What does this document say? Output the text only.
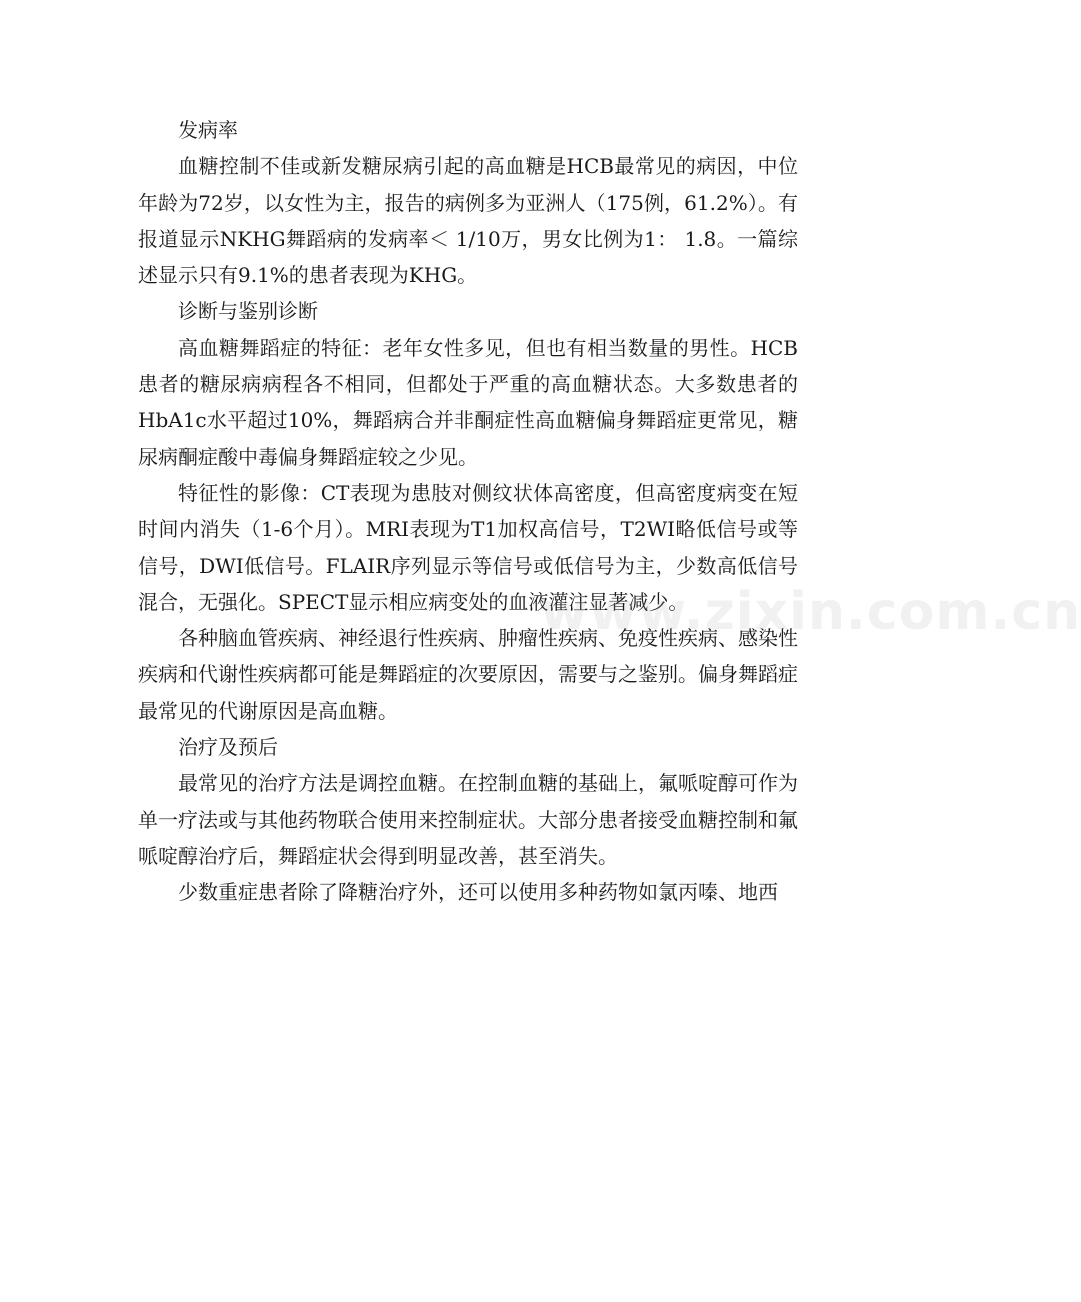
发病率

血糖控制不佳或新发糖尿病引起的高血糖是HCB最常见的病因，中位年龄为72岁，以女性为主，报告的病例多为亚洲人（175例，61.2%）。有报道显示NKHG舞蹈病的发病率＜ 1/10万，男女比例为1： 1.8。一篇综述显示只有9.1%的患者表现为KHG。

诊断与鉴别诊断

高血糖舞蹈症的特征：老年女性多见，但也有相当数量的男性。HCB患者的糖尿病病程各不相同，但都处于严重的高血糖状态。大多数患者的HbA1c水平超过10%，舞蹈病合并非酮症性高血糖偏身舞蹈症更常见，糖尿病酮症酸中毒偏身舞蹈症较之少见。

特征性的影像：CT表现为患肢对侧纹状体高密度，但高密度病变在短时间内消失（1-6个月）。MRI表现为T1加权高信号，T2WI略低信号或等信号，DWI低信号。FLAIR序列显示等信号或低信号为主，少数高低信号混合，无强化。SPECT显示相应病变处的血液灌注显著减少。

各种脑血管疾病、神经退行性疾病、肿瘤性疾病、免疫性疾病、感染性疾病和代谢性疾病都可能是舞蹈症的次要原因，需要与之鉴别。偏身舞蹈症最常见的代谢原因是高血糖。

治疗及预后

最常见的治疗方法是调控血糖。在控制血糖的基础上，氟哌啶醇可作为单一疗法或与其他药物联合使用来控制症状。大部分患者接受血糖控制和氟哌啶醇治疗后，舞蹈症状会得到明显改善，甚至消失。

少数重症患者除了降糖治疗外，还可以使用多种药物如氯丙嗪、地西

www.zixin.com.cn
